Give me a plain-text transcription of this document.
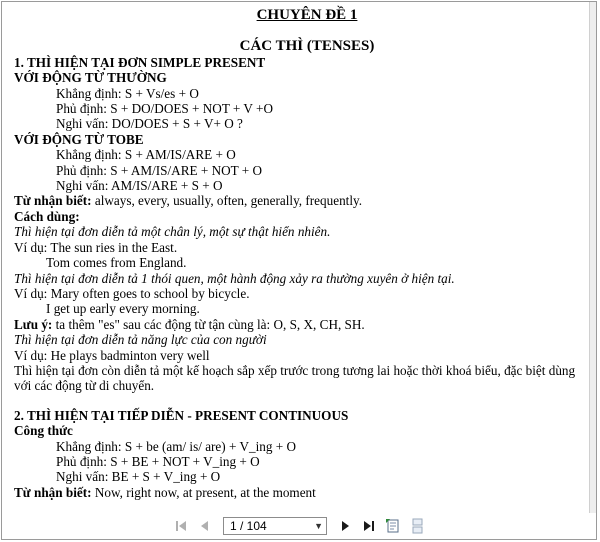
CHUYÊN ĐỀ 1
CÁC THÌ (TENSES)
1. THÌ HIỆN TẠI ĐƠN SIMPLE PRESENT
VỚI ĐỘNG TỪ THƯỜNG
Khẳng định: S + Vs/es + O
Phủ định: S + DO/DOES + NOT + V +O
Nghi vấn: DO/DOES + S + V+ O ?
VỚI ĐỘNG TỪ TOBE
Khẳng định: S + AM/IS/ARE + O
Phủ định: S + AM/IS/ARE + NOT + O
Nghi vấn: AM/IS/ARE + S + O
Từ nhận biết: always, every, usually, often, generally, frequently.
Cách dùng:
Thì hiện tại đơn diễn tả một chân lý, một sự thật hiển nhiên.
Ví dụ: The sun ries in the East.
Tom comes from England.
Thì hiện tại đơn diễn tả 1 thói quen, một hành động xảy ra thường xuyên ở hiện tại.
Ví dụ: Mary often goes to school by bicycle.
I get up early every morning.
Lưu ý: ta thêm "es" sau các động từ tận cùng là: O, S, X, CH, SH.
Thì hiện tại đơn diễn tả năng lực của con người
Ví dụ: He plays badminton very well
Thì hiện tại đơn còn diễn tả một kế hoạch sắp xếp trước trong tương lai hoặc thời khoá biểu, đặc biệt dùng với các động từ di chuyển.
2. THÌ HIỆN TẠI TIẾP DIỄN - PRESENT CONTINUOUS
Công thức
Khẳng định: S + be (am/ is/ are) + V_ing + O
Phủ định: S + BE + NOT + V_ing + O
Nghi vấn: BE + S + V_ing + O
Từ nhận biết: Now, right now, at present, at the moment
1 / 104	▼
